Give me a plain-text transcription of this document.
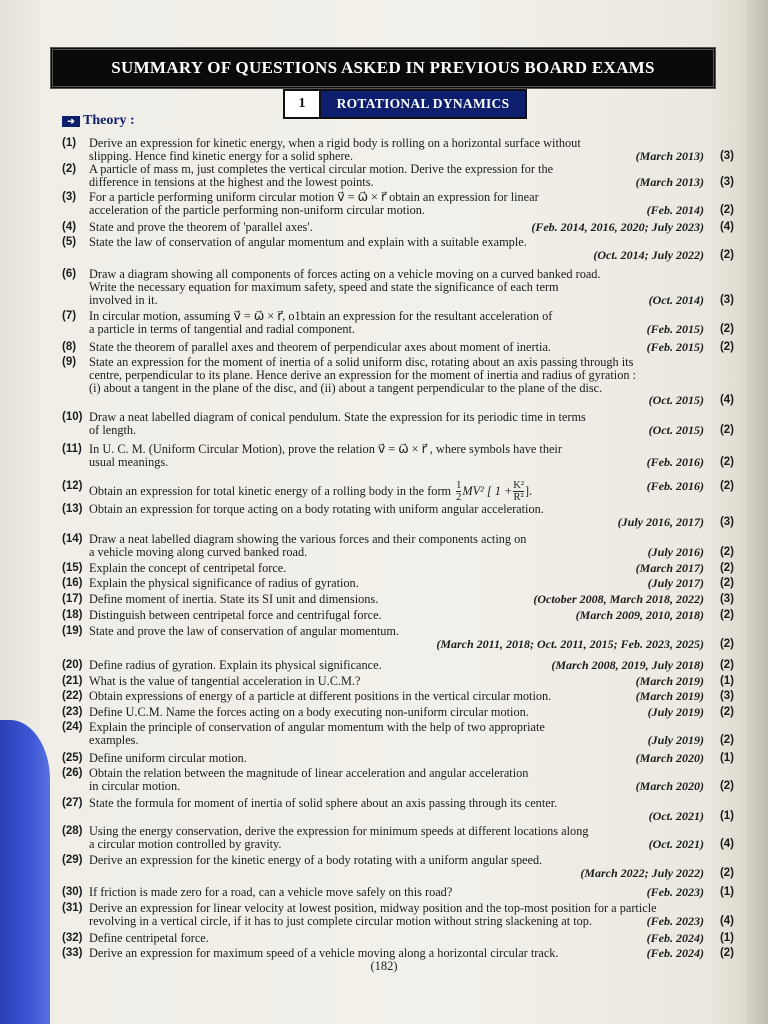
SUMMARY OF QUESTIONS ASKED IN PREVIOUS BOARD EXAMS
1	ROTATIONAL DYNAMICS
➜ Theory :
(1) Derive an expression for kinetic energy, when a rigid body is rolling on a horizontal surface without
slipping. Hence find kinetic energy for a solid sphere.	(March 2013) (3)
(2) A particle of mass m, just completes the vertical circular motion. Derive the expression for the
difference in tensions at the highest and the lowest points.	(March 2013) (3)
(3) For a particle performing uniform circular motion v⃗ = ω⃗ × r⃗ obtain an expression for linear
acceleration of the particle performing non-uniform circular motion.	(Feb. 2014) (2)
(4) State and prove the theorem of 'parallel axes'.	(Feb. 2014, 2016, 2020; July 2023) (4)
(5) State the law of conservation of angular momentum and explain with a suitable example.
(Oct. 2014; July 2022) (2)
(6) Draw a diagram showing all components of forces acting on a vehicle moving on a curved banked road.
Write the necessary equation for maximum safety, speed and state the significance of each term
involved in it.	(Oct. 2014) (3)
(7) In circular motion, assuming v⃗ = ω⃗ × r⃗, o1btain an expression for the resultant acceleration of
a particle in terms of tangential and radial component.	(Feb. 2015) (2)
(8) State the theorem of parallel axes and theorem of perpendicular axes about moment of inertia.	(Feb. 2015) (2)
(9) State an expression for the moment of inertia of a solid uniform disc, rotating about an axis passing through its
centre, perpendicular to its plane. Hence derive an expression for the moment of inertia and radius of gyration :
(i) about a tangent in the plane of the disc, and (ii) about a tangent perpendicular to the plane of the disc.
(Oct. 2015) (4)
(10) Draw a neat labelled diagram of conical pendulum. State the expression for its periodic time in terms
of length.	(Oct. 2015) (2)
(11) In U. C. M. (Uniform Circular Motion), prove the relation v⃗ = ω⃗ × r⃗ , where symbols have their
usual meanings.	(Feb. 2016) (2)
(12) Obtain an expression for total kinetic energy of a rolling body in the form $\frac{1}{2} MV^2$ [ $1 + \frac{\text{K²}}{\text{R²}}$ ].	(Feb. 2016) (2)
(13) Obtain an expression for torque acting on a body rotating with uniform angular acceleration.
(July 2016, 2017) (3)
(14) Draw a neat labelled diagram showing the various forces and their components acting on
a vehicle moving along curved banked road.	(July 2016) (2)
(15) Explain the concept of centripetal force.	(March 2017) (2)
(16) Explain the physical significance of radius of gyration.	(July 2017) (2)
(17) Define moment of inertia. State its SI unit and dimensions.	(October 2008, March 2018, 2022) (3)
(18) Distinguish between centripetal force and centrifugal force.	(March 2009, 2010, 2018) (2)
(19) State and prove the law of conservation of angular momentum.
(March 2011, 2018; Oct. 2011, 2015; Feb. 2023, 2025) (2)
(20) Define radius of gyration. Explain its physical significance.	(March 2008, 2019, July 2018) (2)
(21) What is the value of tangential acceleration in U.C.M.?	(March 2019) (1)
(22) Obtain expressions of energy of a particle at different positions in the vertical circular motion.	(March 2019) (3)
(23) Define U.C.M. Name the forces acting on a body executing non-uniform circular motion.	(July 2019) (2)
(24) Explain the principle of conservation of angular momentum with the help of two appropriate
examples.	(July 2019) (2)
(25) Define uniform circular motion.	(March 2020) (1)
(26) Obtain the relation between the magnitude of linear acceleration and angular acceleration
in circular motion.	(March 2020) (2)
(27) State the formula for moment of inertia of solid sphere about an axis passing through its center.
(Oct. 2021) (1)
(28) Using the energy conservation, derive the expression for minimum speeds at different locations along
a circular motion controlled by gravity.	(Oct. 2021) (4)
(29) Derive an expression for the kinetic energy of a body rotating with a uniform angular speed.
(March 2022; July 2022) (2)
(30) If friction is made zero for a road, can a vehicle move safely on this road?	(Feb. 2023) (1)
(31) Derive an expression for linear velocity at lowest position, midway position and the top-most position for a particle
revolving in a vertical circle, if it has to just complete circular motion without string slackening at top.	(Feb. 2023) (4)
(32) Define centripetal force.	(Feb. 2024) (1)
(33) Derive an expression for maximum speed of a vehicle moving along a horizontal circular track.	(Feb. 2024) (2)
(182)
